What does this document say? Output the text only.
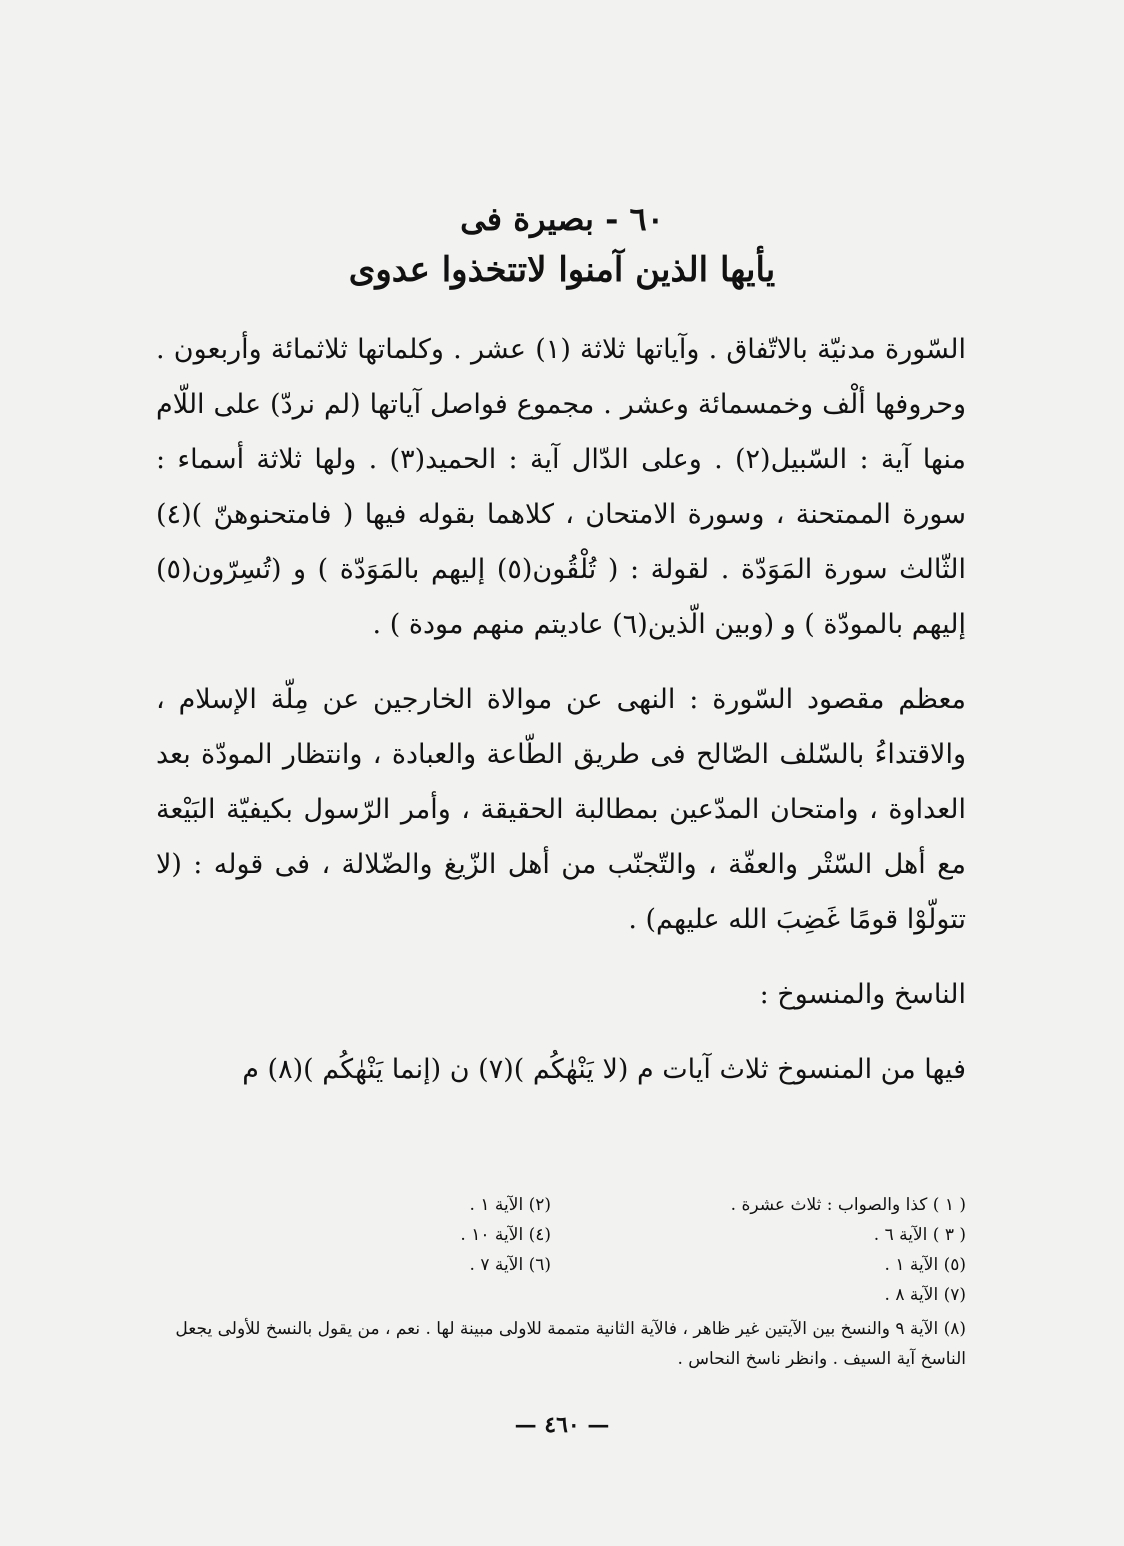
٦٠ - بصيرة فى
يأيها الذين آمنوا لاتتخذوا عدوى

السّورة مدنيّة بالاتّفاق . وآياتها ثلاثة (١) عشر . وكلماتها ثلاثمائة وأربعون . وحروفها ألْف وخمسمائة وعشر . مجموع فواصل آياتها (لم نردّ) على اللّام منها آية : السّبيل(٢) . وعلى الدّال آية : الحميد(٣) . ولها ثلاثة أسماء : سورة الممتحنة ، وسورة الامتحان ، كلاهما بقوله فيها ( فامتحنوهنّ )(٤) الثّالث سورة المَوَدّة . لقولة : ( تُلْقُون(٥) إليهم بالمَوَدّة ) و (تُسِرّون(٥) إليهم بالمودّة ) و (وبين الّذين(٦) عاديتم منهم مودة ) .

معظم مقصود السّورة : النهى عن موالاة الخارجين عن مِلّة الإسلام ، والاقتداءُ بالسّلف الصّالح فى طريق الطّاعة والعبادة ، وانتظار المودّة بعد العداوة ، وامتحان المدّعين بمطالبة الحقيقة ، وأمر الرّسول بكيفيّة البَيْعة مع أهل السّتْر والعفّة ، والتّجنّب من أهل الزّيغ والضّلالة ، فى قوله : (لا تتولّوْا قومًا غَضِبَ الله عليهم) .

الناسخ والمنسوخ :

فيها من المنسوخ ثلاث آيات م (لا يَنْهٰكُم )(٧) ن (إنما يَنْهٰكُم )(٨) م

( ١ ) كذا والصواب : ثلاث عشرة .
(٢) الآية ١ .
( ٣ ) الآية ٦ .
(٤) الآية ١٠ .
(٥) الآية ١ .
(٦) الآية ٧ .
(٧) الآية ٨ .
(٨) الآية ٩ والنسخ بين الآيتين غير ظاهر ، فالآية الثانية متممة للاولى مبينة لها . نعم ، من يقول بالنسخ للأولى يجعل الناسخ آية السيف . وانظر ناسخ النحاس .
— ٤٦٠ —
